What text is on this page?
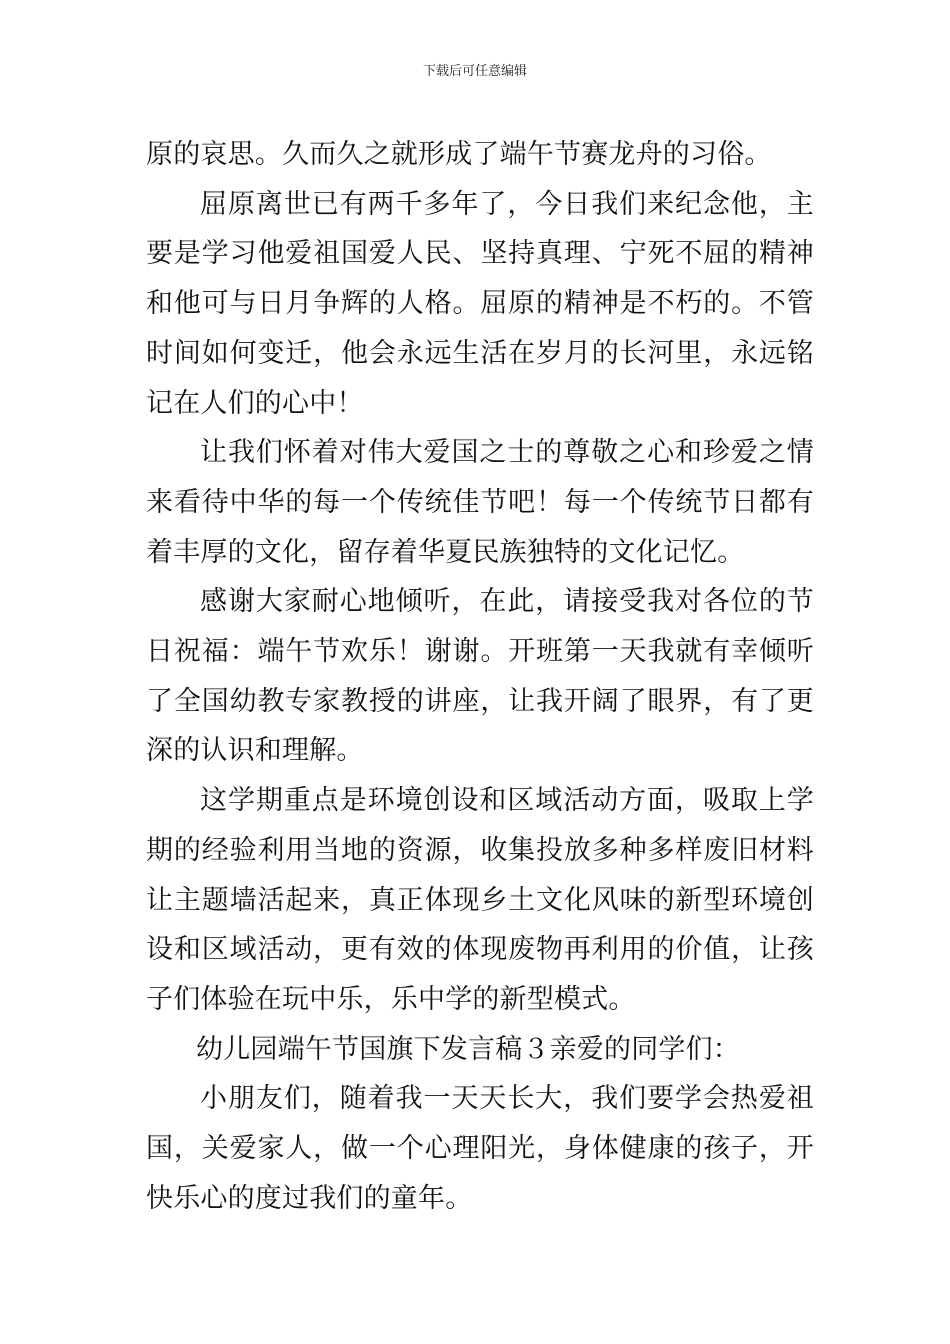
下载后可任意编辑

原的哀思。久而久之就形成了端午节赛龙舟的习俗。

屈原离世已有两千多年了，今日我们来纪念他，主要是学习他爱祖国爱人民、坚持真理、宁死不屈的精神和他可与日月争辉的人格。屈原的精神是不朽的。不管时间如何变迁，他会永远生活在岁月的长河里，永远铭记在人们的心中！

让我们怀着对伟大爱国之士的尊敬之心和珍爱之情来看待中华的每一个传统佳节吧！每一个传统节日都有着丰厚的文化，留存着华夏民族独特的文化记忆。

感谢大家耐心地倾听，在此，请接受我对各位的节日祝福：端午节欢乐！谢谢。开班第一天我就有幸倾听了全国幼教专家教授的讲座，让我开阔了眼界，有了更深的认识和理解。

这学期重点是环境创设和区域活动方面，吸取上学期的经验利用当地的资源，收集投放多种多样废旧材料让主题墙活起来，真正体现乡土文化风味的新型环境创设和区域活动，更有效的体现废物再利用的价值，让孩子们体验在玩中乐，乐中学的新型模式。

幼儿园端午节国旗下发言稿３亲爱的同学们：

小朋友们，随着我一天天长大，我们要学会热爱祖国，关爱家人，做一个心理阳光，身体健康的孩子，开快乐心的度过我们的童年。
